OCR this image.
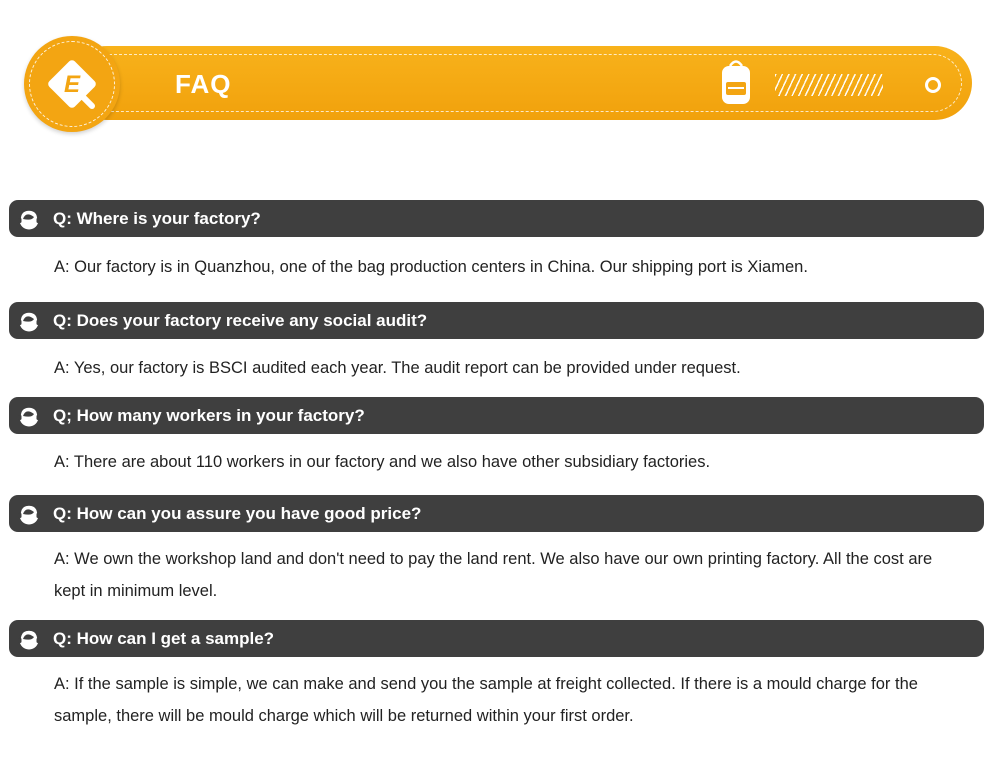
E	FAQ
Q: Where is your factory?
A: Our factory is in Quanzhou, one of the bag production centers in China. Our shipping port is Xiamen.
Q: Does your factory receive any social audit?
A: Yes, our factory is BSCI audited each year. The audit report can be provided under request.
Q; How many workers in your factory?
A: There are about 110 workers in our factory and we also have other subsidiary factories.
Q: How can you assure you have good price?
A: We own the workshop land and don't need to pay the land rent. We also have our own printing factory. All the cost are kept in minimum level.
Q: How can I get a sample?
A: If the sample is simple, we can make and send you the sample at freight collected. If there is a mould charge for the sample, there will be mould charge which will be returned within your first order.
